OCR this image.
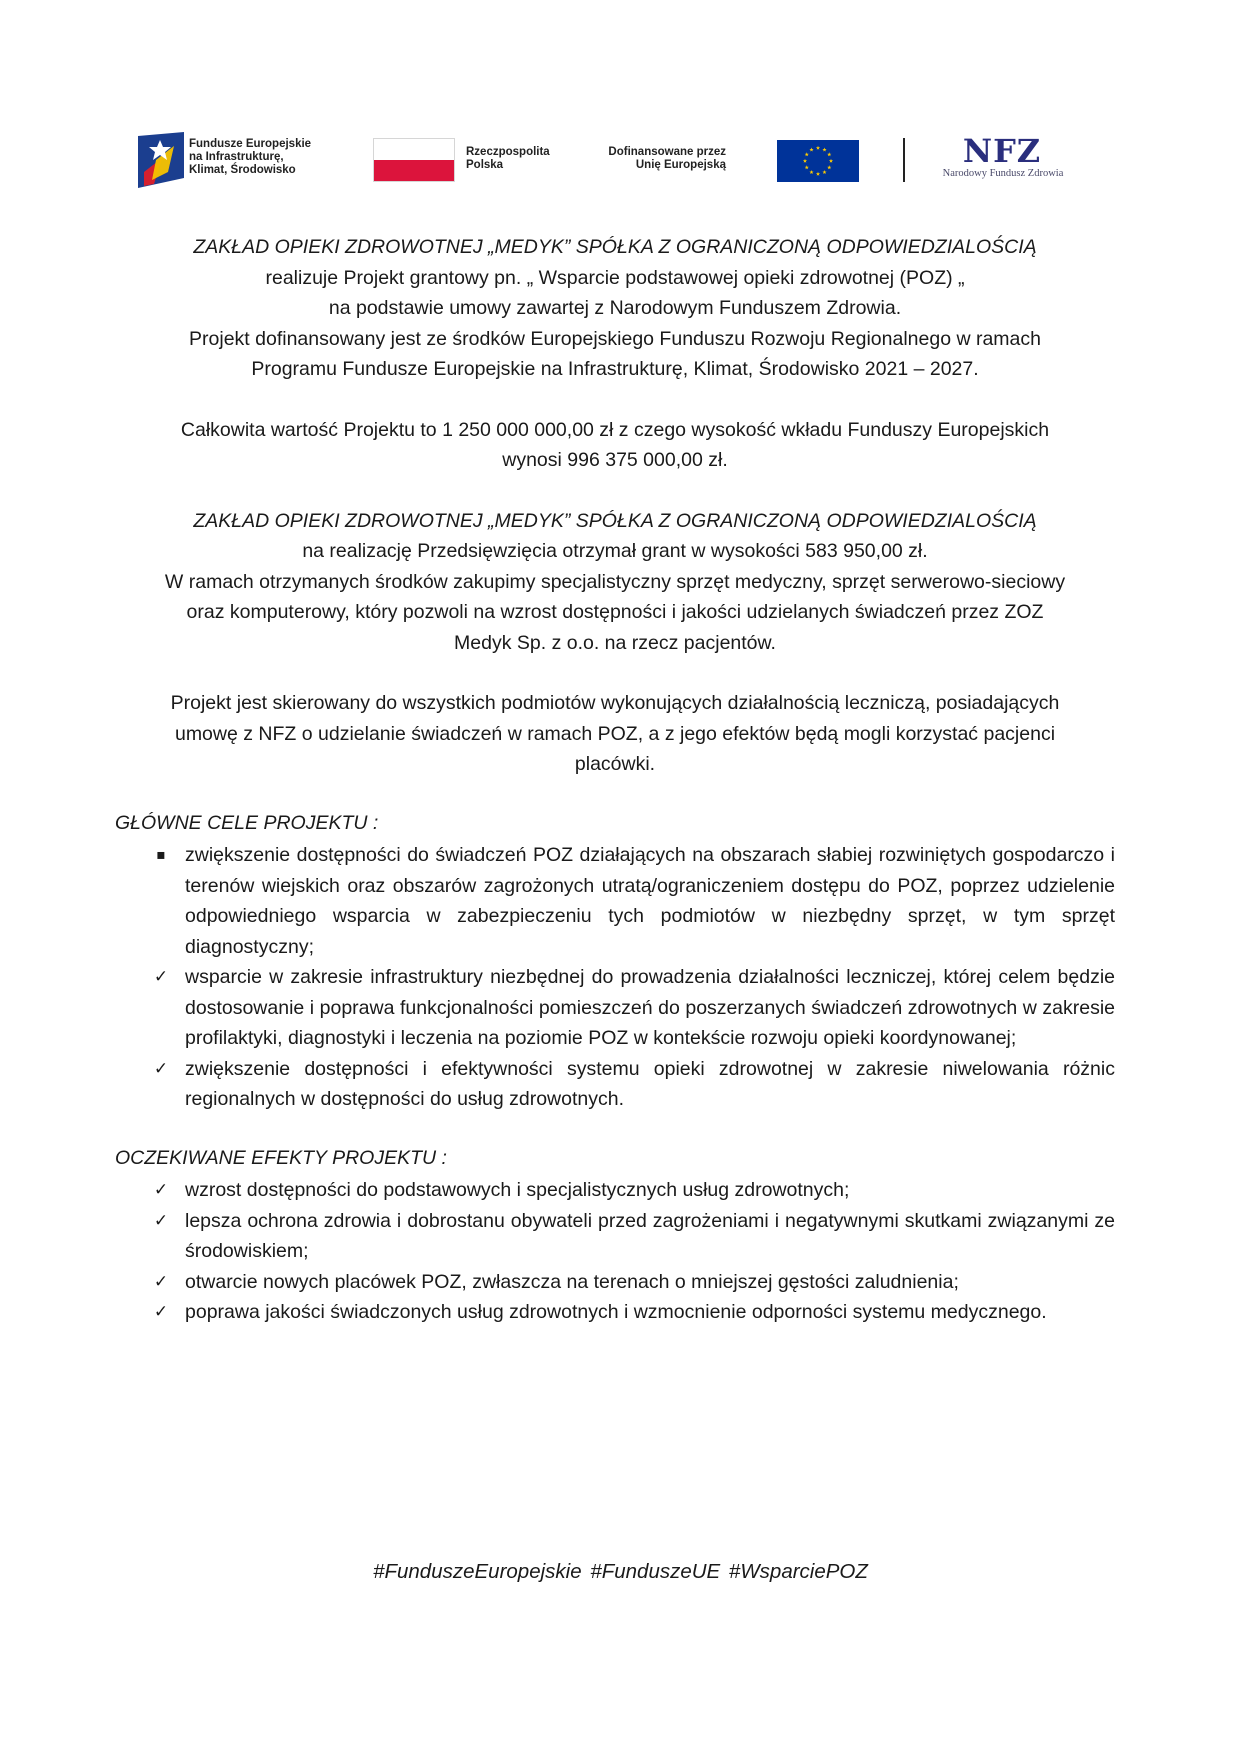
Fundusze Europejskie
na Infrastrukturę,
Klimat, Środowisko
Rzeczpospolita
Polska
Dofinansowane przez
Unię Europejską	NFZ
Narodowy Fundusz Zdrowia
ZAKŁAD OPIEKI ZDROWOTNEJ „MEDYK” SPÓŁKA Z OGRANICZONĄ ODPOWIEDZIALOŚCIĄ
realizuje Projekt grantowy pn. „ Wsparcie podstawowej opieki zdrowotnej (POZ) „
na podstawie umowy zawartej z Narodowym Funduszem Zdrowia.
Projekt dofinansowany jest ze środków Europejskiego Funduszu Rozwoju Regionalnego w ramach
Programu Fundusze Europejskie na Infrastrukturę, Klimat, Środowisko 2021 – 2027.
Całkowita wartość Projektu to 1 250 000 000,00 zł z czego wysokość wkładu Funduszy Europejskich
wynosi 996 375 000,00 zł.
ZAKŁAD OPIEKI ZDROWOTNEJ „MEDYK” SPÓŁKA Z OGRANICZONĄ ODPOWIEDZIALOŚCIĄ
na realizację Przedsięwzięcia otrzymał grant w wysokości 583 950,00 zł.
W ramach otrzymanych środków zakupimy specjalistyczny sprzęt medyczny, sprzęt serwerowo-sieciowy
oraz komputerowy, który pozwoli na wzrost dostępności i jakości udzielanych świadczeń przez ZOZ
Medyk Sp. z o.o. na rzecz pacjentów.
Projekt jest skierowany do wszystkich podmiotów wykonujących działalnością leczniczą, posiadających
umowę z NFZ o udzielanie świadczeń w ramach POZ, a z jego efektów będą mogli korzystać pacjenci
placówki.
GŁÓWNE CELE PROJEKTU :
▪ zwiększenie dostępności do świadczeń POZ działających na obszarach słabiej rozwiniętych gospodarczo i terenów wiejskich oraz obszarów zagrożonych utratą/ograniczeniem dostępu do POZ, poprzez udzielenie odpowiedniego wsparcia w zabezpieczeniu tych podmiotów w niezbędny sprzęt, w tym sprzęt diagnostyczny;
✓ wsparcie w zakresie infrastruktury niezbędnej do prowadzenia działalności leczniczej, której celem będzie dostosowanie i poprawa funkcjonalności pomieszczeń do poszerzanych świadczeń zdrowotnych w zakresie profilaktyki, diagnostyki i leczenia na poziomie POZ w kontekście rozwoju opieki koordynowanej;
✓ zwiększenie dostępności i efektywności systemu opieki zdrowotnej w zakresie niwelowania różnic regionalnych w dostępności do usług zdrowotnych.
OCZEKIWANE EFEKTY PROJEKTU :
✓ wzrost dostępności do podstawowych i specjalistycznych usług zdrowotnych;
✓ lepsza ochrona zdrowia i dobrostanu obywateli przed zagrożeniami i negatywnymi skutkami związanymi ze środowiskiem;
✓ otwarcie nowych placówek POZ, zwłaszcza na terenach o mniejszej gęstości zaludnienia;
✓ poprawa jakości świadczonych usług zdrowotnych i wzmocnienie odporności systemu medycznego.
#FunduszeEuropejskie #FunduszeUE #WsparciePOZ
